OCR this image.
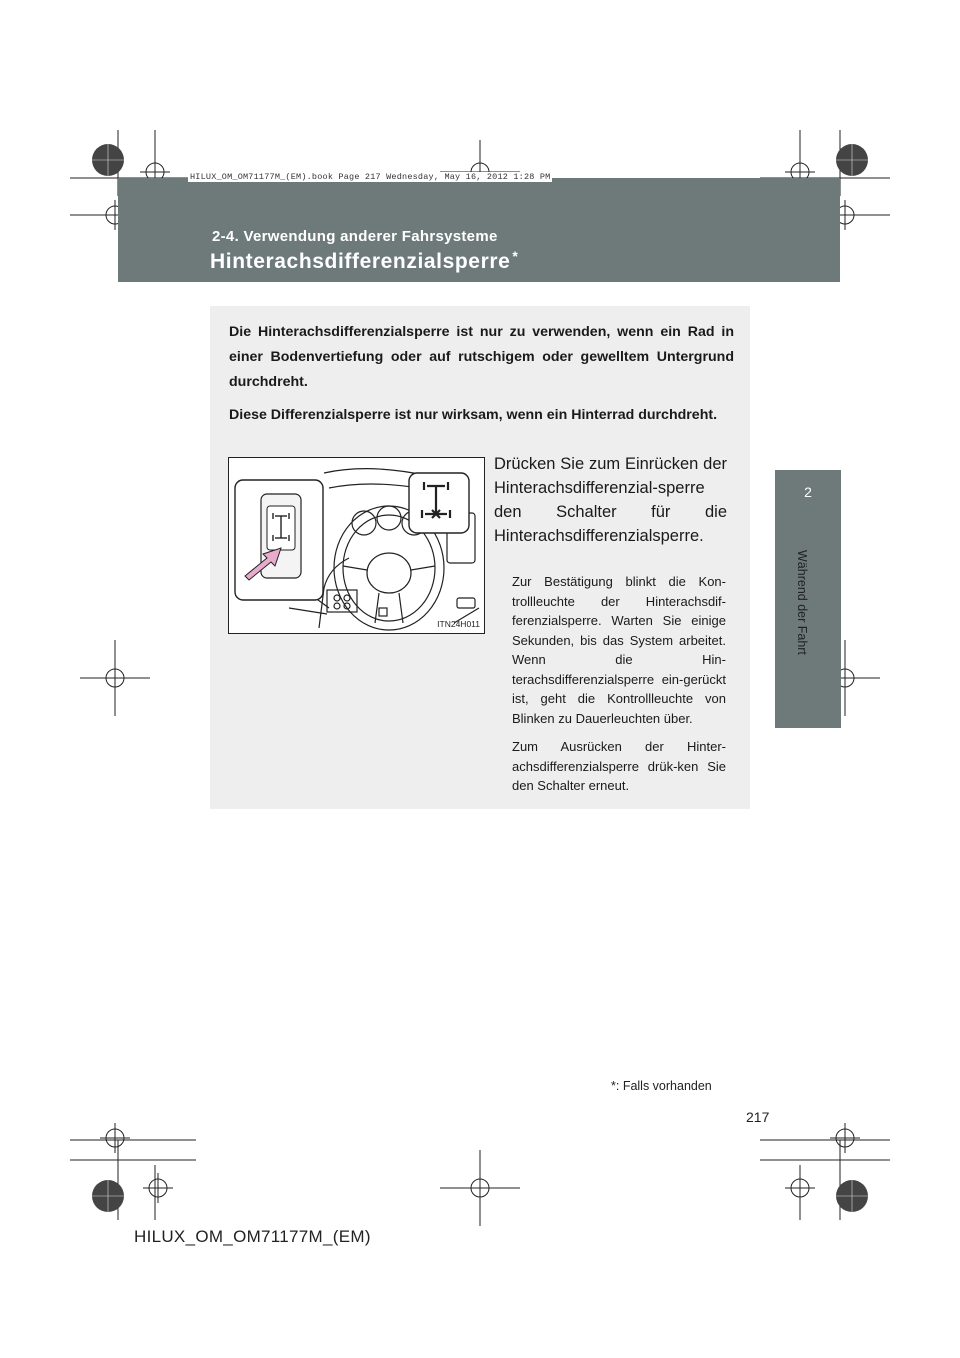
HILUX_OM_OM71177M_(EM).book Page 217 Wednesday, May 16, 2012 1:28 PM
2-4. Verwendung anderer Fahrsysteme
Hinterachsdifferenzialsperre *
2
Während der Fahrt

Die Hinterachsdifferenzialsperre ist nur zu verwenden, wenn ein Rad in einer Bodenvertiefung oder auf rutschigem oder gewelltem Untergrund durchdreht.

Diese Differenzialsperre ist nur wirksam, wenn ein Hinterrad durchdreht.

ITN24H011
Drücken Sie zum Einrücken der Hinterachsdifferenzial-sperre den Schalter für die Hinterachsdifferenzialsperre.
Zur Bestätigung blinkt die Kon-trollleuchte der Hinterachsdif-ferenzialsperre. Warten Sie einige Sekunden, bis das System arbeitet. Wenn die Hin-terachsdifferenzialsperre ein-gerückt ist, geht die Kontrollleuchte von Blinken zu Dauerleuchten über.
Zum Ausrücken der Hinter-achsdifferenzialsperre drük-ken Sie den Schalter erneut.
*: Falls vorhanden
217
HILUX_OM_OM71177M_(EM)
